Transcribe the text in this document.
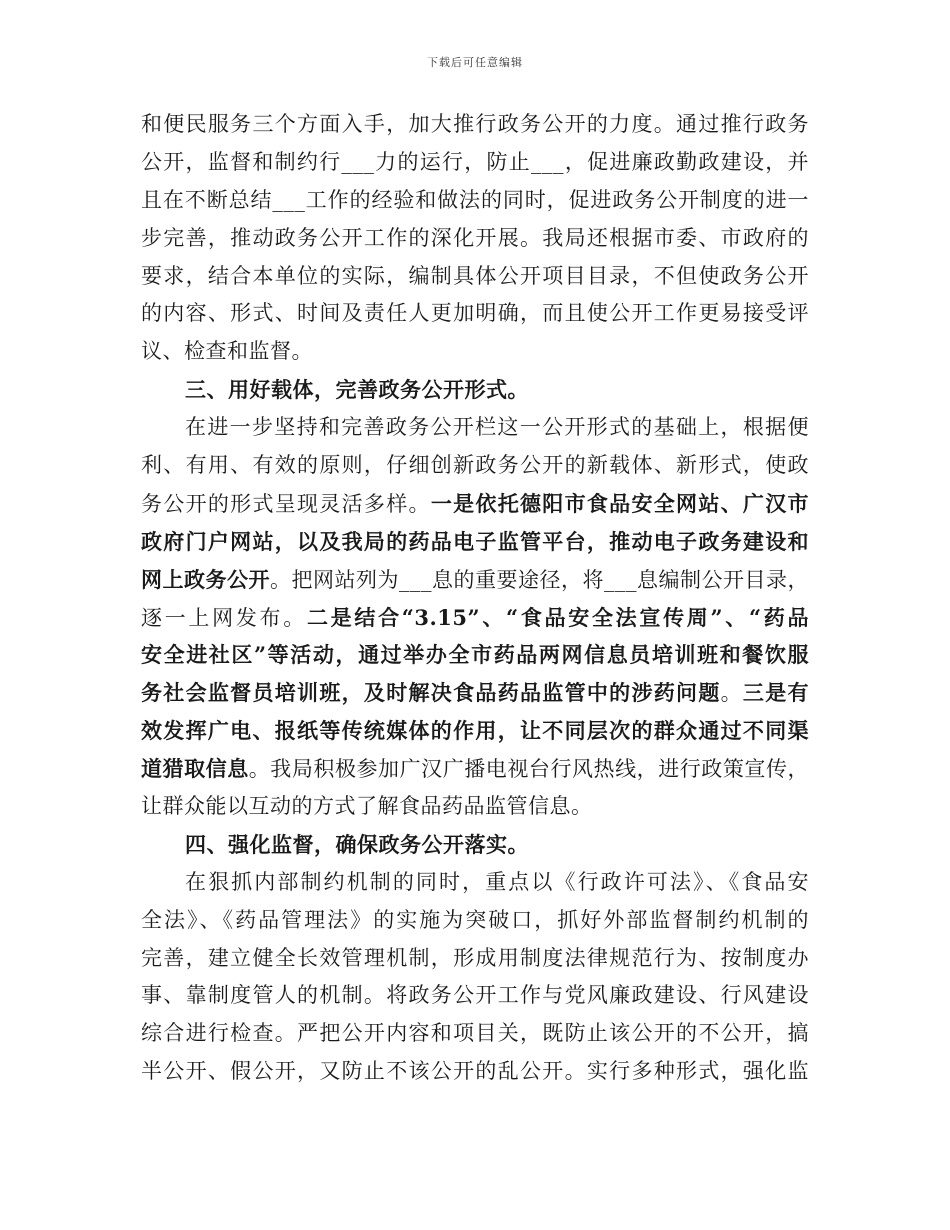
下载后可任意编辑
和便民服务三个方面入手，加大推行政务公开的力度。通过推行政务
公开，监督和制约行___力的运行，防止___，促进廉政勤政建设，并
且在不断总结___工作的经验和做法的同时，促进政务公开制度的进一
步完善，推动政务公开工作的深化开展。我局还根据市委、市政府的
要求，结合本单位的实际，编制具体公开项目目录，不但使政务公开
的内容、形式、时间及责任人更加明确，而且使公开工作更易接受评
议、检查和监督。
三、用好载体，完善政务公开形式。
在进一步坚持和完善政务公开栏这一公开形式的基础上，根据便
利、有用、有效的原则，仔细创新政务公开的新载体、新形式，使政
务公开的形式呈现灵活多样。一是依托德阳市食品安全网站、广汉市
政府门户网站，以及我局的药品电子监管平台，推动电子政务建设和
网上政务公开。把网站列为___息的重要途径，将___息编制公开目录，
逐一上网发布。二是结合“3.15”、“食品安全法宣传周”、“药品
安全进社区”等活动，通过举办全市药品两网信息员培训班和餐饮服
务社会监督员培训班，及时解决食品药品监管中的涉药问题。三是有
效发挥广电、报纸等传统媒体的作用，让不同层次的群众通过不同渠
道猎取信息。我局积极参加广汉广播电视台行风热线，进行政策宣传，
让群众能以互动的方式了解食品药品监管信息。
四、强化监督，确保政务公开落实。
在狠抓内部制约机制的同时，重点以《行政许可法》、《食品安
全法》、《药品管理法》的实施为突破口，抓好外部监督制约机制的
完善，建立健全长效管理机制，形成用制度法律规范行为、按制度办
事、靠制度管人的机制。将政务公开工作与党风廉政建设、行风建设
综合进行检查。严把公开内容和项目关，既防止该公开的不公开，搞
半公开、假公开，又防止不该公开的乱公开。实行多种形式，强化监
